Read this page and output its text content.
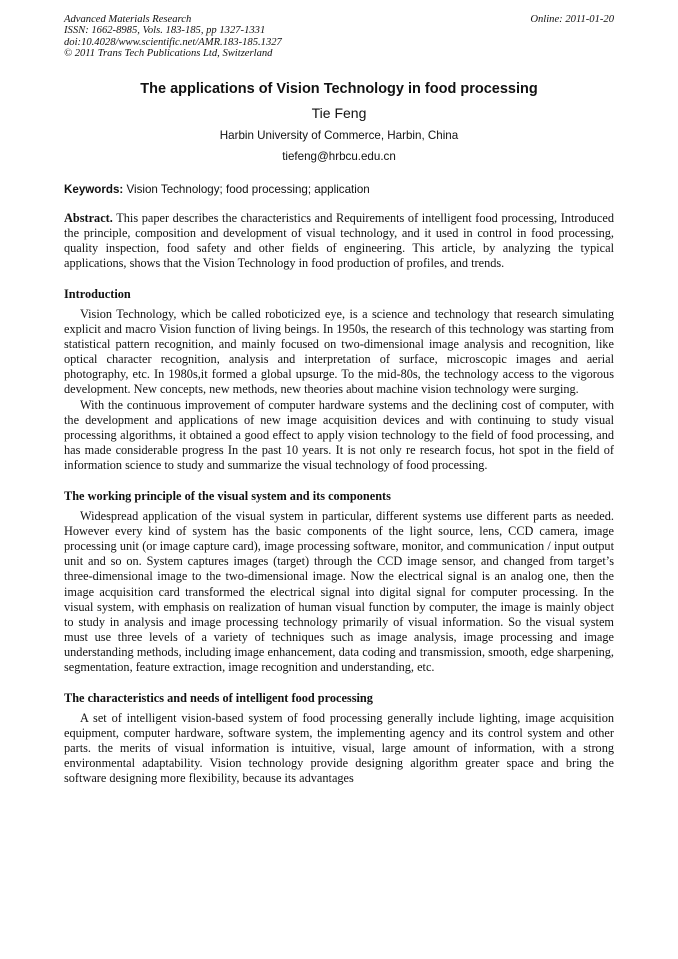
Advanced Materials Research
ISSN: 1662-8985, Vols. 183-185, pp 1327-1331
doi:10.4028/www.scientific.net/AMR.183-185.1327
© 2011 Trans Tech Publications Ltd, Switzerland
Online: 2011-01-20
The applications of Vision Technology in food processing
Tie Feng
Harbin University of Commerce, Harbin, China
tiefeng@hrbcu.edu.cn
Keywords: Vision Technology; food processing; application

Abstract. This paper describes the characteristics and Requirements of intelligent food processing, Introduced the principle, composition and development of visual technology, and it used in control in food processing, quality inspection, food safety and other fields of engineering. This article, by analyzing the typical applications, shows that the Vision Technology in food production of profiles, and trends.

Introduction

Vision Technology, which be called roboticized eye, is a science and technology that research simulating explicit and macro Vision function of living beings. In 1950s, the research of this technology was starting from statistical pattern recognition, and mainly focused on two-dimensional image analysis and recognition, like optical character recognition, analysis and interpretation of surface, microscopic images and aerial photography, etc. In 1980s,it formed a global upsurge. To the mid-80s, the technology access to the vigorous development. New concepts, new methods, new theories about machine vision technology were surging.

With the continuous improvement of computer hardware systems and the declining cost of computer, with the development and applications of new image acquisition devices and with continuing to study visual processing algorithms, it obtained a good effect to apply vision technology to the field of food processing, and has made considerable progress In the past 10 years. It is not only re research focus, hot spot in the field of information science to study and summarize the visual technology of food processing.

The working principle of the visual system and its components

Widespread application of the visual system in particular, different systems use different parts as needed. However every kind of system has the basic components of the light source, lens, CCD camera, image processing unit (or image capture card), image processing software, monitor, and communication / input output unit and so on. System captures images (target) through the CCD image sensor, and changed from target’s three-dimensional image to the two-dimensional image. Now the electrical signal is an analog one, then the image acquisition card transformed the electrical signal into digital signal for computer processing. In the visual system, with emphasis on realization of human visual function by computer, the image is mainly object to study in analysis and image processing technology primarily of visual information. So the visual system must use three levels of a variety of techniques such as image analysis, image processing and image understanding methods, including image enhancement, data coding and transmission, smooth, edge sharpening, segmentation, feature extraction, image recognition and understanding, etc.

The characteristics and needs of intelligent food processing

A set of intelligent vision-based system of food processing generally include lighting, image acquisition equipment, computer hardware, software system, the implementing agency and its control system and other parts. the merits of visual information is intuitive, visual, large amount of information, with a strong environmental adaptability. Vision technology provide designing algorithm greater space and bring the software designing more flexibility, because its advantages
